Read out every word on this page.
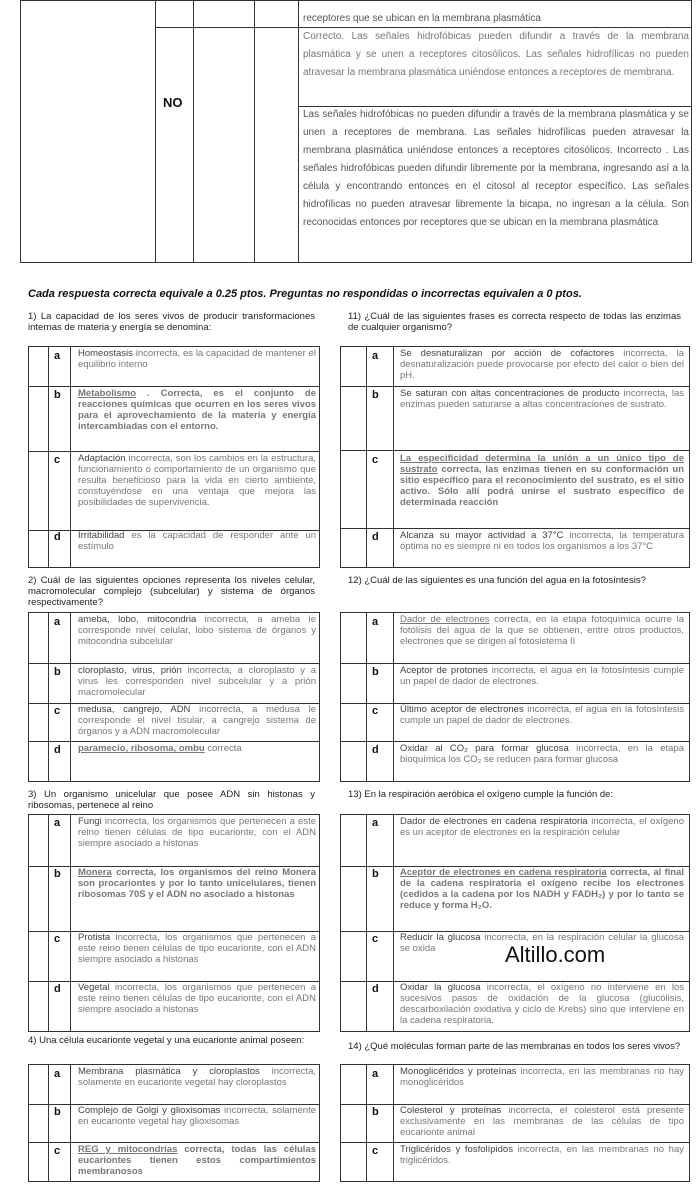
NO
receptores que se ubican en la membrana plasmática
Correcto. Las señales hidrofóbicas pueden difundir a través de la membrana plasmática y se unen a receptores citosólicos. Las señales hidrofílicas no pueden atravesar la membrana plasmática uniéndose entonces a receptores de membrana.
Las señales hidrofóbicas no pueden difundir a través de la membrana plasmática y se unen a receptores de membrana. Las señales hidrofílicas pueden atravesar la membrana plasmática uniéndose entonces a receptores citosólicos. Incorrecto . Las señales hidrofóbicas pueden difundir libremente por la membrana, ingresando así a la célula y encontrando entonces en el citosol al receptor específico. Las señales hidrofílicas no pueden atravesar libremente la bicapa, no ingresan a la célula. Son reconocidas entonces por receptores que se ubican en la membrana plasmática
Cada respuesta correcta equivale a 0.25 ptos. Preguntas no respondidas o incorrectas equivalen a 0 ptos.
1) La capacidad de los seres vivos de producir transformaciones internas de materia y energía se denomina:
a Homeostasis incorrecta, es la capacidad de mantener el equilibrio interno
b Metabolismo . Correcta, es el conjunto de reacciones químicas que ocurren en los seres vivos para el aprovechamiento de la materia y energía intercambiadas con el entorno.
c Adaptación incorrecta, son los cambios en la estructura, funcionamiento o comportamiento de un organismo que resulta beneficioso para la vida en cierto ambiente, constuyéndose en una ventaja que mejora las posibilidades de supervivencia.
d Irritabilidad es la capacidad de responder ante un estímulo
2) Cuál de las siguientes opciones representa los niveles celular, macromolecular complejo (subcelular) y sistema de órganos respectivamente?
a ameba, lobo, mitocondria incorrecta, a ameba le corresponde nivel celular, lobo sistema de órganos y mitocondria subcelular
b cloroplasto, virus, prión incorrecta, a cloroplasto y a virus les corresponden nivel subcelular y a prión macromolecular
c medusa, cangrejo, ADN incorrecta, a medusa le corresponde el nivel tisular, a cangrejo sistema de órganos y a ADN macromolecular
d paramecio, ribosoma, ombu correcta
3) Un organismo unicelular que posee ADN sin histonas y ribosomas, pertenece al reino
a Fungi incorrecta, los organismos que pertenecen a este reino tienen células de tipo eucarionte, con el ADN siempre asociado a histonas
b Monera correcta, los organismos del reino Monera son procariontes y por lo tanto unicelulares, tienen ribosomas 70S y el ADN no asociado a histonas
c Protista incorrecta, los organismos que pertenecen a este reino tienen células de tipo eucarionte, con el ADN siempre asociado a histonas
d Vegetal incorrecta, los organismos que pertenecen a este reino tienen células de tipo eucarionte, con el ADN siempre asociado a histonas
4) Una célula eucarionte vegetal y una eucarionte animal poseen:
a Membrana plasmática y cloroplastos incorrecta, solamente en eucarionte vegetal hay cloroplastos
b Complejo de Golgi y glioxisomas incorrecta, solamente en eucarionte vegetal hay glioxisomas
c REG y mitocondrias correcta, todas las células eucariontes tienen estos compartimientos membranosos
11) ¿Cuál de las siguientes frases es correcta respecto de todas las enzimas de cualquier organismo?
a Se desnaturalizan por acción de cofactores incorrecta, la desnaturalización puede provocarse por efecto del calor o bien del pH.
b Se saturan con altas concentraciones de producto incorrecta, las enzimas pueden saturarse a altas concentraciones de sustrato.
c La especificidad determina la unión a un único tipo de sustrato correcta, las enzimas tienen en su conformación un sitio específico para el reconocimiento del sustrato, es el sitio activo. Sólo allí podrá unirse el sustrato específico de determinada reacción
d Alcanza su mayor actividad a 37°C incorrecta, la temperatura óptima no es siempre ni en todos los organismos a los 37°C
12) ¿Cuál de las siguientes es una función del agua en la fotosíntesis?
a Dador de electrones correcta, en la etapa fotoquímica ocurre la fotólisis del agua de la que se obtienen, entre otros productos, electrones que se dirigen al fotosistema II
b Aceptor de protones incorrecta, el agua en la fotosíntesis cumple un papel de dador de electrones.
c Último aceptor de electrones incorrecta, el agua en la fotosíntesis cumple un papel de dador de electrones.
d Oxidar al CO₂ para formar glucosa incorrecta, en la etapa bioquímica los CO₂ se reducen para formar glucosa
13) En la respiración aeróbica el oxígeno cumple la función de:
a Dador de electrones en cadena respiratoria incorrecta, el oxígeno es un aceptor de electrones en la respiración celular
b Aceptor de electrones en cadena respiratoria correcta, al final de la cadena respiratoria el oxígeno recibe los electrones (cedidos a la cadena por los NADH y FADH₂) y por lo tanto se reduce y forma H₂O.
c Reducir la glucosa incorrecta, en la respiración celular la glucosa se oxida
d Oxidar la glucosa incorrecta, el oxígeno no interviene en los sucesivos pasos de oxidación de la glucosa (glucólisis, descarboxilación oxidativa y ciclo de Krebs) sino que interviene en la cadena respiratoria.
Altillo.com
14) ¿Qué moléculas forman parte de las membranas en todos los seres vivos?
a Monoglicéridos y proteínas incorrecta, en las membranas no hay monoglicéridos
b Colesterol y proteínas incorrecta, el colesterol está presente exclusivamente en las membranas de las células de tipo eucarionte animal
c Triglicéridos y fosfolípidos incorrecta, en las membranas no hay triglicéridos.
